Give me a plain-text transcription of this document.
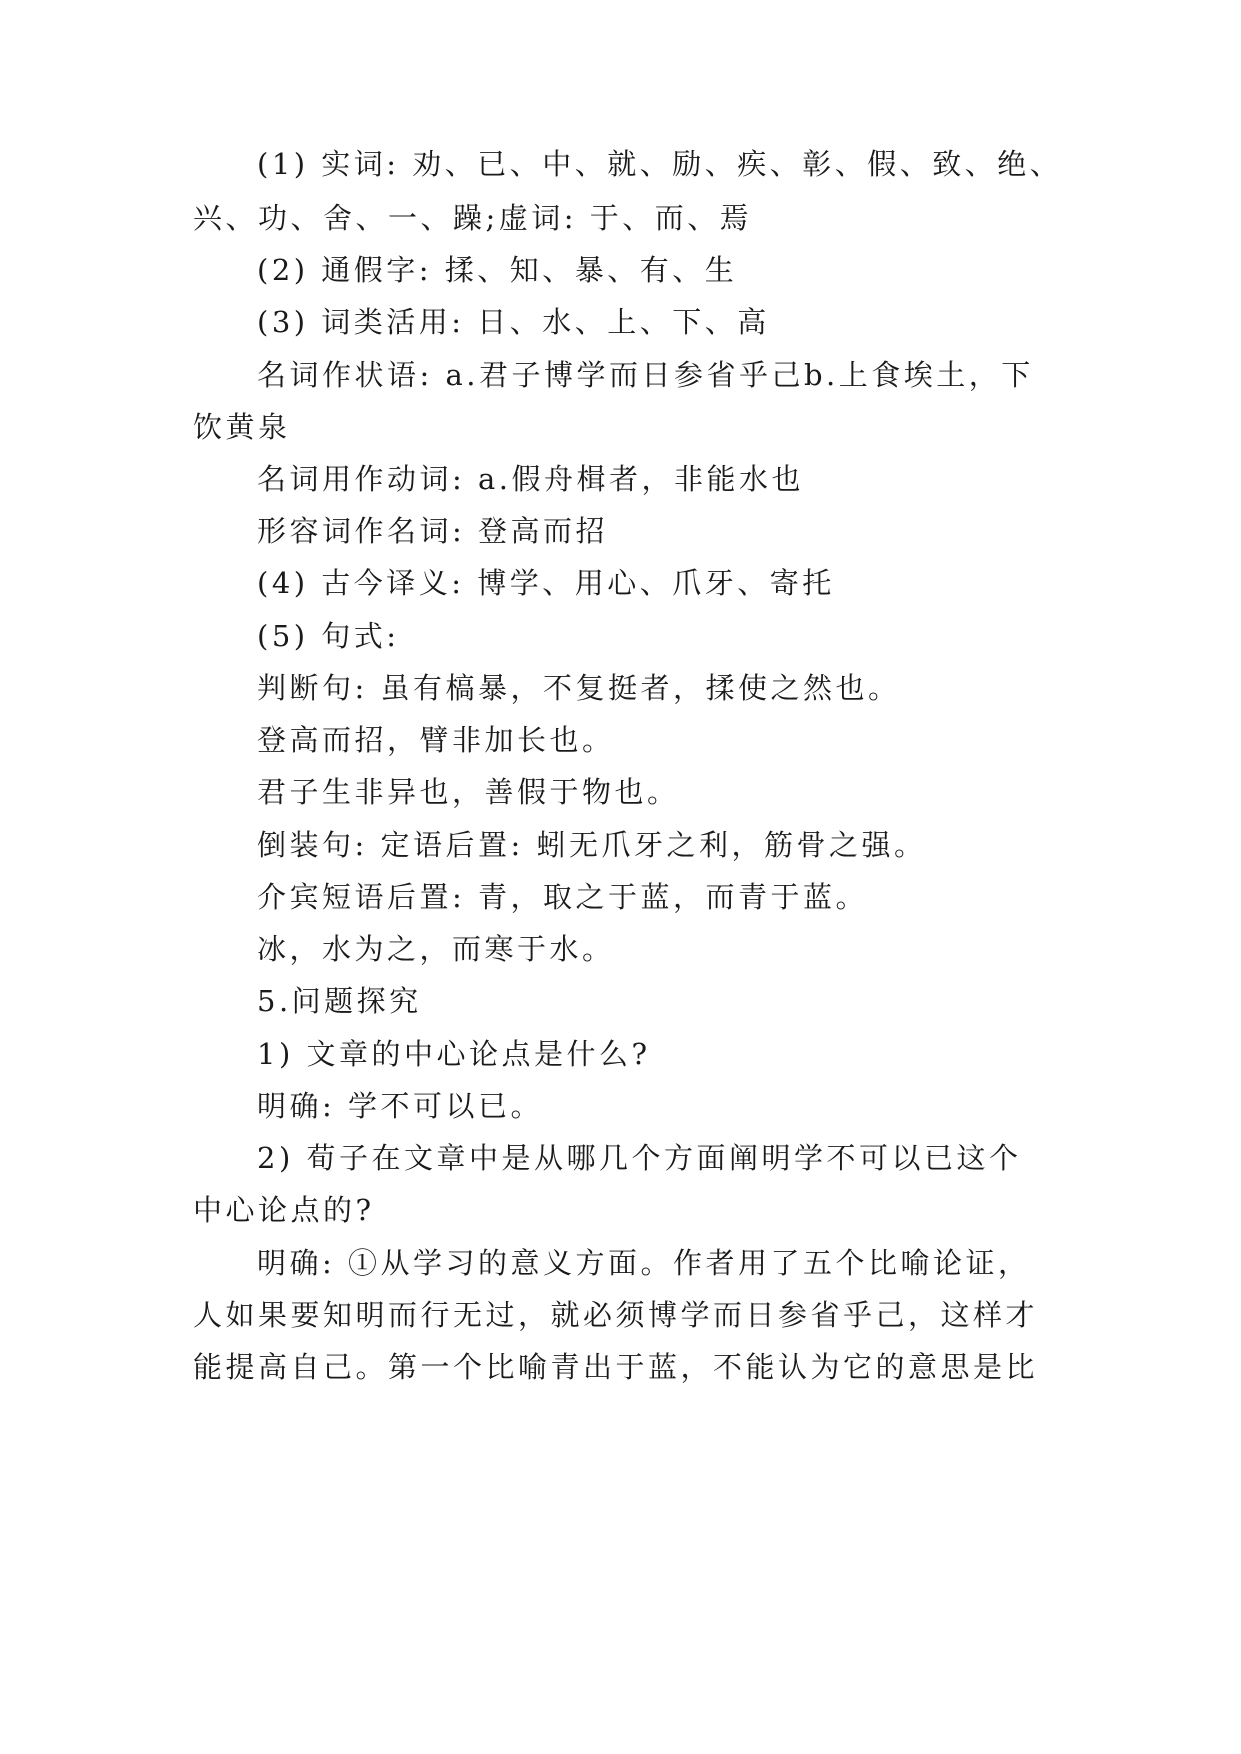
(1) 实词: 劝、已、中、就、励、疾、彰、假、致、绝、
兴、功、舍、一、躁;虚词: 于、而、焉
(2) 通假字: 揉、知、暴、有、生
(3) 词类活用: 日、水、上、下、高
名词作状语: a.君子博学而日参省乎己b.上食埃土，下
饮黄泉
名词用作动词: a.假舟楫者，非能水也
形容词作名词: 登高而招
(4) 古今译义: 博学、用心、爪牙、寄托
(5) 句式:
判断句: 虽有槁暴，不复挺者，揉使之然也。
登高而招，臂非加长也。
君子生非异也，善假于物也。
倒装句: 定语后置: 蚓无爪牙之利，筋骨之强。
介宾短语后置: 青，取之于蓝，而青于蓝。
冰，水为之，而寒于水。
5.问题探究
1) 文章的中心论点是什么?
明确: 学不可以已。
2) 荀子在文章中是从哪几个方面阐明学不可以已这个
中心论点的?
明确: ①从学习的意义方面。作者用了五个比喻论证，
人如果要知明而行无过，就必须博学而日参省乎己，这样才
能提高自己。第一个比喻青出于蓝，不能认为它的意思是比
